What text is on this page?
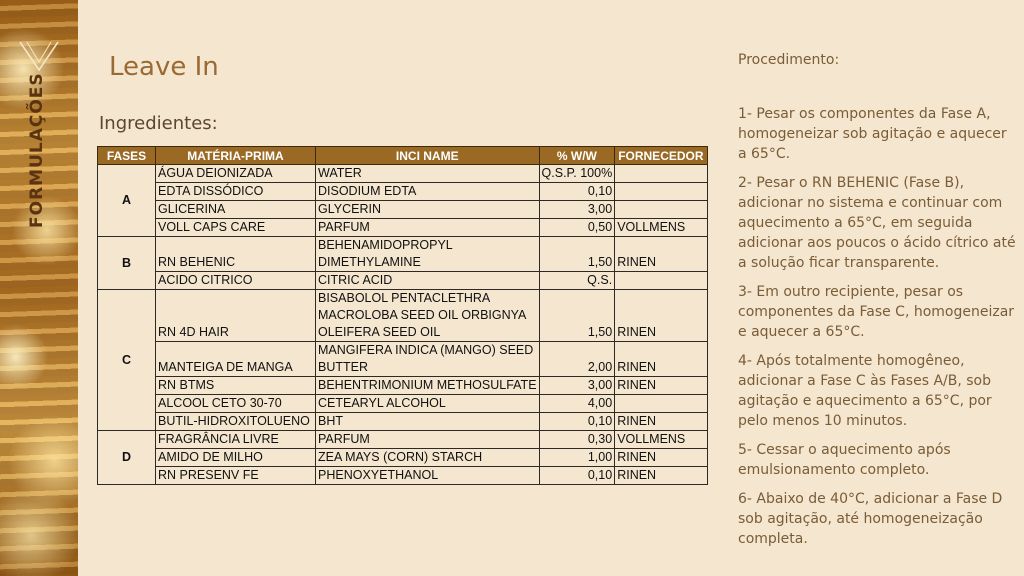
FORMULAÇÕES
Leave In
Ingredientes:
FASES	MATÉRIA-PRIMA	INCI NAME	% W/W	FORNECEDOR
A	ÁGUA DEIONIZADA	WATER	Q.S.P. 100%	
	EDTA DISSÓDICO	DISODIUM EDTA	0,10	
	GLICERINA	GLYCERIN	3,00	
	VOLL CAPS CARE	PARFUM	0,50	VOLLMENS
B	RN BEHENIC	BEHENAMIDOPROPYL
DIMETHYLAMINE	1,50	RINEN
	ACIDO CITRICO	CITRIC ACID	Q.S.	
C	RN 4D HAIR	BISABOLOL PENTACLETHRA
MACROLOBA SEED OIL ORBIGNYA
OLEIFERA SEED OIL	1,50	RINEN
	MANTEIGA DE MANGA	MANGIFERA INDICA (MANGO) SEED
BUTTER	2,00	RINEN
	RN BTMS	BEHENTRIMONIUM METHOSULFATE	3,00	RINEN
	ALCOOL CETO 30-70	CETEARYL ALCOHOL	4,00	
	BUTIL-HIDROXITOLUENO	BHT	0,10	RINEN
D	FRAGRÂNCIA LIVRE	PARFUM	0,30	VOLLMENS
	AMIDO DE MILHO	ZEA MAYS (CORN) STARCH	1,00	RINEN
	RN PRESENV FE	PHENOXYETHANOL	0,10	RINEN
Procedimento:

1- Pesar os componentes da Fase A, homogeneizar sob agitação e aquecer a 65°C.

2- Pesar o RN BEHENIC (Fase B), adicionar no sistema e continuar com aquecimento a 65°C, em seguida adicionar aos poucos o ácido cítrico até a solução ficar transparente.

3- Em outro recipiente, pesar os componentes da Fase C, homogeneizar e aquecer a 65°C.

4- Após totalmente homogêneo, adicionar a Fase C às Fases A/B, sob agitação e aquecimento a 65°C, por pelo menos 10 minutos.

5- Cessar o aquecimento após emulsionamento completo.

6- Abaixo de 40°C, adicionar a Fase D sob agitação, até homogeneização completa.
